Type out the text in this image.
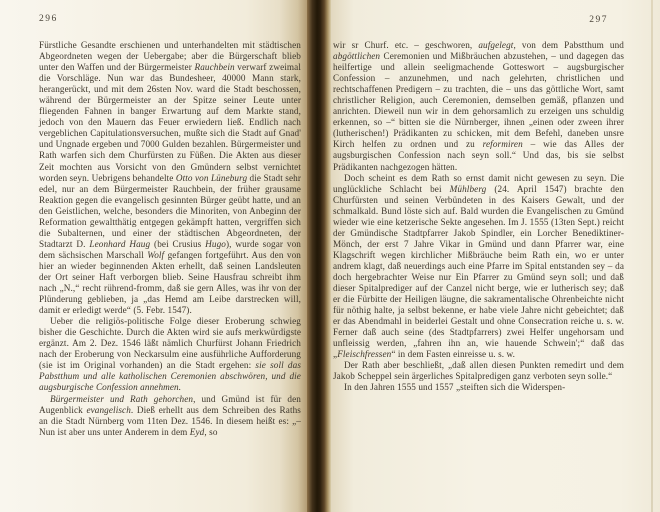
296

Fürstliche Gesandte erschienen und unterhandelten mit städtischen Abgeordneten wegen der Uebergabe; aber die Bürgerschaft blieb unter den Waffen und der Bürgermeister Rauchbein verwarf zweimal die Vorschläge. Nun war das Bundesheer, 40000 Mann stark, herangerückt, und mit dem 26sten Nov. ward die Stadt beschossen, während der Bürgermeister an der Spitze seiner Leute unter fliegenden Fahnen in banger Erwartung auf dem Markte stand, jedoch von den Mauern das Feuer erwiedern ließ. Endlich nach vergeblichen Capitulationsversuchen, mußte sich die Stadt auf Gnad' und Ungnade ergeben und 7000 Gulden bezahlen. Bürgermeister und Rath warfen sich dem Churfürsten zu Füßen. Die Akten aus dieser Zeit mochten aus Vorsicht von den Gmündern selbst vernichtet worden seyn. Uebrigens behandelte Otto von Lüneburg die Stadt sehr edel, nur an dem Bürgermeister Rauchbein, der früher grausame Reaktion gegen die evangelisch gesinnten Bürger geübt hatte, und an den Geistlichen, welche, besonders die Minoriten, von Anbeginn der Reformation gewaltthätig entgegen gekämpft hatten, vergriffen sich die Subalternen, und einer der städtischen Abgeordneten, der Stadtarzt D. Leonhard Haug (bei Crusius Hugo), wurde sogar von dem sächsischen Marschall Wolf gefangen fortgeführt. Aus den von hier an wieder beginnenden Akten erhellt, daß seinen Landsleuten der Ort seiner Haft verborgen blieb. Seine Hausfrau schreibt ihm nach „N.,“ recht rührend-fromm, daß sie gern Alles, was ihr von der Plünderung geblieben, ja „das Hemd am Leibe darstrecken will, damit er erledigt werde“ (5. Febr. 1547).

Ueber die religiös-politische Folge dieser Eroberung schwieg bisher die Geschichte. Durch die Akten wird sie aufs merkwürdigste ergänzt. Am 2. Dez. 1546 läßt nämlich Churfürst Johann Friedrich nach der Eroberung von Neckarsulm eine ausführliche Aufforderung (sie ist im Original vorhanden) an die Stadt ergehen: sie soll das Pabstthum und alle katholischen Ceremonien abschwören, und die augsburgische Confession annehmen.

Bürgermeister und Rath gehorchen, und Gmünd ist für den Augenblick evangelisch. Dieß erhellt aus dem Schreiben des Raths an die Stadt Nürnberg vom 11ten Dez. 1546. In diesem heißt es: „– Nun ist aber uns unter Anderem in dem Eyd, so

297

wir sr Churf. etc. – geschworen, aufgelegt, von dem Pabstthum und abgöttlichen Ceremonien und Mißbräuchen abzustehen, – und dagegen das heilfertige und allein seeligmachende Gotteswort – augsburgischer Confession – anzunehmen, und nach gelehrten, christlichen und rechtschaffenen Predigern – zu trachten, die – uns das göttliche Wort, samt christlicher Religion, auch Ceremonien, demselben gemäß, pflanzen und anrichten. Dieweil nun wir in dem gehorsamlich zu erzeigen uns schuldig erkennen, so –“ bitten sie die Nürnberger, ihnen „einen oder zween ihrer (lutherischen!) Prädikanten zu schicken, mit dem Befehl, daneben unsre Kirch helfen zu ordnen und zu reformiren – wie das Alles der augsburgischen Confession nach seyn soll.“ Und das, bis sie selbst Prädikanten nachgezogen hätten.

Doch scheint es dem Rath so ernst damit nicht gewesen zu seyn. Die unglückliche Schlacht bei Mühlberg (24. April 1547) brachte den Churfürsten und seinen Verbündeten in des Kaisers Gewalt, und der schmalkald. Bund löste sich auf. Bald wurden die Evangelischen zu Gmünd wieder wie eine ketzerische Sekte angesehen. Im J. 1555 (13ten Sept.) reicht der Gmündische Stadtpfarrer Jakob Spindler, ein Lorcher Benediktiner-Mönch, der erst 7 Jahre Vikar in Gmünd und dann Pfarrer war, eine Klagschrift wegen kirchlicher Mißbräuche beim Rath ein, wo er unter andrem klagt, daß neuerdings auch eine Pfarre im Spital entstanden sey – da doch hergebrachter Weise nur Ein Pfarrer zu Gmünd seyn soll; und daß dieser Spitalprediger auf der Canzel nicht berge, wie er lutherisch sey; daß er die Fürbitte der Heiligen läugne, die sakramentalische Ohrenbeichte nicht für nöthig halte, ja selbst bekenne, er habe viele Jahre nicht gebeichtet; daß er das Abendmahl in beiderlei Gestalt und ohne Consecration reiche u. s. w. Ferner daß auch seine (des Stadtpfarrers) zwei Helfer ungehorsam und unfleissig werden, „fahren ihn an, wie hauende Schwein';“ daß das „Fleischfressen“ in dem Fasten einreisse u. s. w.

Der Rath aber beschließt, „daß allen diesen Punkten remedirt und dem Jakob Scheppel sein ärgerliches Spitalpredigen ganz verboten seyn solle.“

In den Jahren 1555 und 1557 „steiften sich die Widerspen-
